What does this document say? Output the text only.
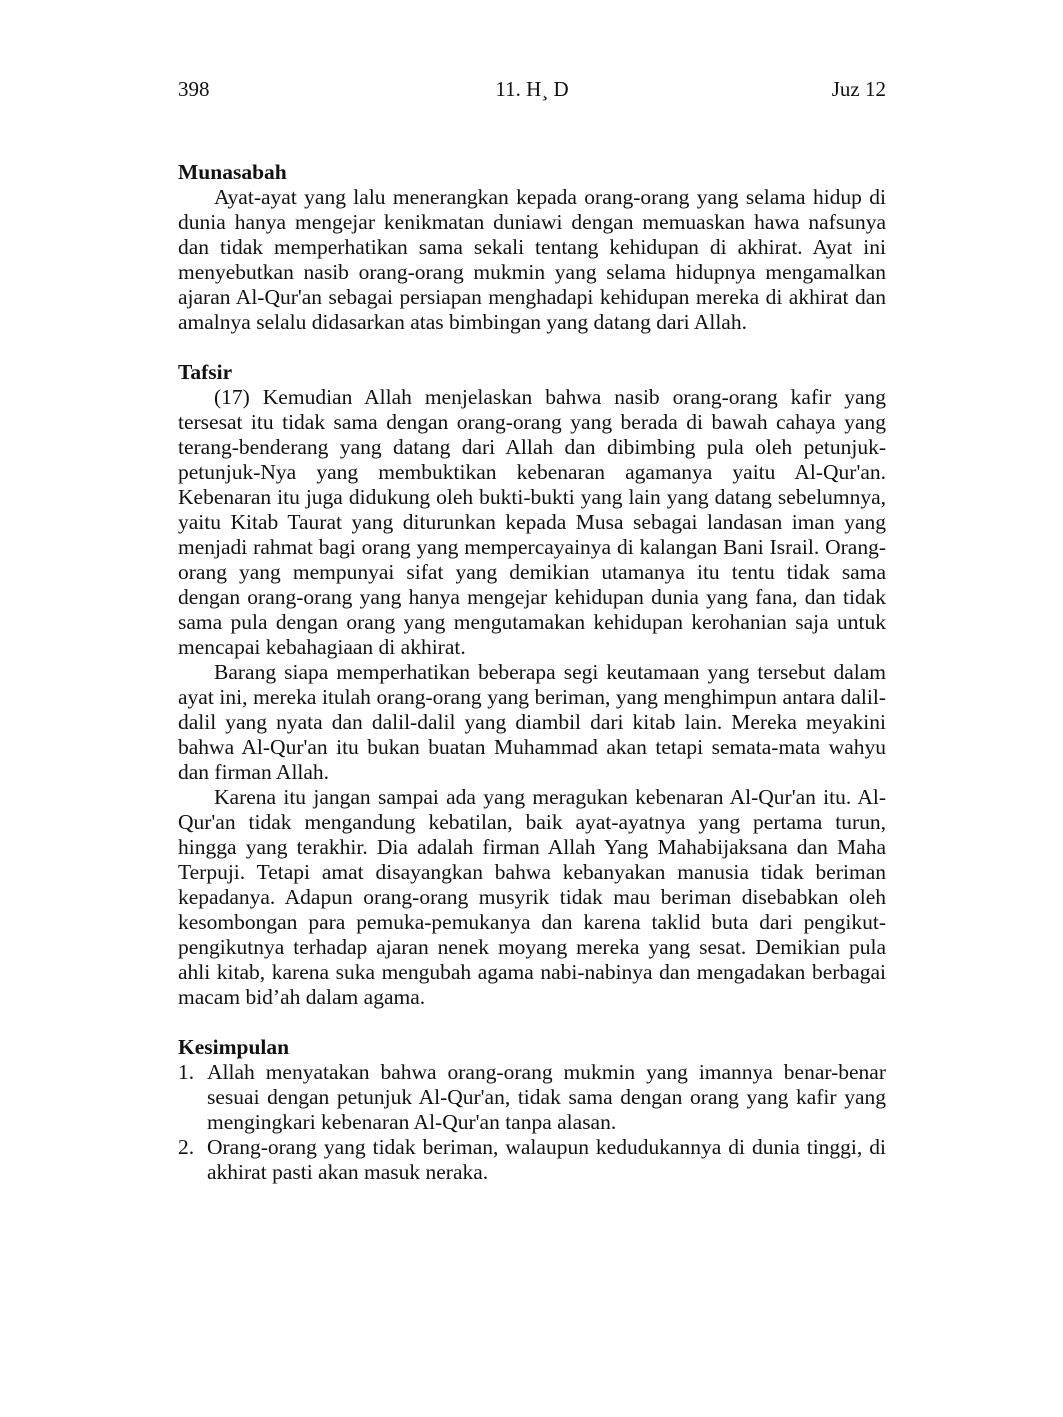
398	11. H¸ D	Juz 12
Munasabah

Ayat-ayat yang lalu menerangkan kepada orang-orang yang selama hidup di dunia hanya mengejar kenikmatan duniawi dengan memuaskan hawa nafsunya dan tidak memperhatikan sama sekali tentang kehidupan di akhirat. Ayat ini menyebutkan nasib orang-orang mukmin yang selama hidupnya mengamalkan ajaran Al-Qur'an sebagai persiapan menghadapi kehidupan mereka di akhirat dan amalnya selalu didasarkan atas bimbingan yang datang dari Allah.

Tafsir

(17) Kemudian Allah menjelaskan bahwa nasib orang-orang kafir yang tersesat itu tidak sama dengan orang-orang yang berada di bawah cahaya yang terang-benderang yang datang dari Allah dan dibimbing pula oleh petunjuk-petunjuk-Nya yang membuktikan kebenaran agamanya yaitu Al-Qur'an. Kebenaran itu juga didukung oleh bukti-bukti yang lain yang datang sebelumnya, yaitu Kitab Taurat yang diturunkan kepada Musa sebagai landasan iman yang menjadi rahmat bagi orang yang mempercayainya di kalangan Bani Israil. Orang-orang yang mempunyai sifat yang demikian utamanya itu tentu tidak sama dengan orang-orang yang hanya mengejar kehidupan dunia yang fana, dan tidak sama pula dengan orang yang mengutamakan kehidupan kerohanian saja untuk mencapai kebahagiaan di akhirat.

Barang siapa memperhatikan beberapa segi keutamaan yang tersebut dalam ayat ini, mereka itulah orang-orang yang beriman, yang menghimpun antara dalil-dalil yang nyata dan dalil-dalil yang diambil dari kitab lain. Mereka meyakini bahwa Al-Qur'an itu bukan buatan Muhammad akan tetapi semata-mata wahyu dan firman Allah.

Karena itu jangan sampai ada yang meragukan kebenaran Al-Qur'an itu. Al-Qur'an tidak mengandung kebatilan, baik ayat-ayatnya yang pertama turun, hingga yang terakhir. Dia adalah firman Allah Yang Mahabijaksana dan Maha Terpuji. Tetapi amat disayangkan bahwa kebanyakan manusia tidak beriman kepadanya. Adapun orang-orang musyrik tidak mau beriman disebabkan oleh kesombongan para pemuka-pemukanya dan karena taklid buta dari pengikut-pengikutnya terhadap ajaran nenek moyang mereka yang sesat. Demikian pula ahli kitab, karena suka mengubah agama nabi-nabinya dan mengadakan berbagai macam bid’ah dalam agama.

Kesimpulan
1. Allah menyatakan bahwa orang-orang mukmin yang imannya benar-benar sesuai dengan petunjuk Al-Qur'an, tidak sama dengan orang yang kafir yang mengingkari kebenaran Al-Qur'an tanpa alasan.
2. Orang-orang yang tidak beriman, walaupun kedudukannya di dunia tinggi, di akhirat pasti akan masuk neraka.
